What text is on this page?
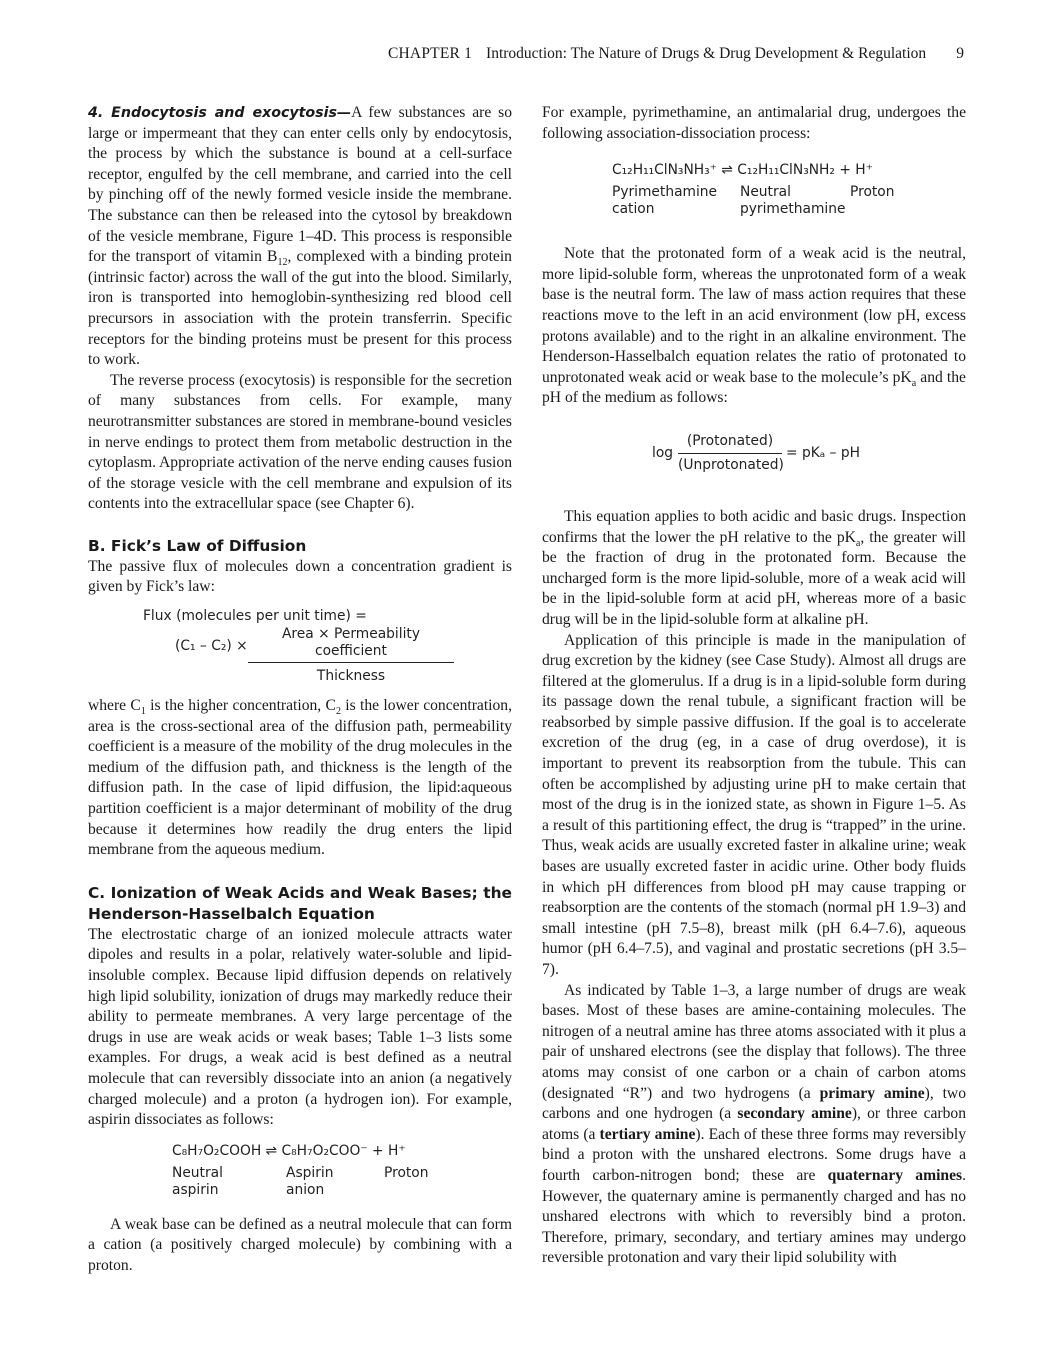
CHAPTER 1 Introduction: The Nature of Drugs & Drug Development & Regulation 9

4. Endocytosis and exocytosis—A few substances are so large or impermeant that they can enter cells only by endocytosis, the process by which the substance is bound at a cell-surface receptor, engulfed by the cell membrane, and carried into the cell by pinching off of the newly formed vesicle inside the membrane. The substance can then be released into the cytosol by breakdown of the vesicle membrane, Figure 1–4D. This process is responsible for the transport of vitamin $B_{12}$, complexed with a binding protein (intrinsic factor) across the wall of the gut into the blood. Similarly, iron is transported into hemoglobin-synthesizing red blood cell precursors in association with the protein transferrin. Specific receptors for the binding proteins must be present for this process to work.

The reverse process (exocytosis) is responsible for the secretion of many substances from cells. For example, many neurotransmitter substances are stored in membrane-bound vesicles in nerve endings to protect them from metabolic destruction in the cytoplasm. Appropriate activation of the nerve ending causes fusion of the storage vesicle with the cell membrane and expulsion of its contents into the extracellular space (see Chapter 6).

B. Fick’s Law of Diffusion

The passive flux of molecules down a concentration gradient is given by Fick’s law:

Flux (molecules per unit time) =
(C₁ – C₂) ×
Area × Permeability coefficient
Thickness

where $C_1$ is the higher concentration, $C_2$ is the lower concentration, area is the cross-sectional area of the diffusion path, permeability coefficient is a measure of the mobility of the drug molecules in the medium of the diffusion path, and thickness is the length of the diffusion path. In the case of lipid diffusion, the lipid:aqueous partition coefficient is a major determinant of mobility of the drug because it determines how readily the drug enters the lipid membrane from the aqueous medium.

C. Ionization of Weak Acids and Weak Bases; the Henderson-Hasselbalch Equation

The electrostatic charge of an ionized molecule attracts water dipoles and results in a polar, relatively water-soluble and lipid-insoluble complex. Because lipid diffusion depends on relatively high lipid solubility, ionization of drugs may markedly reduce their ability to permeate membranes. A very large percentage of the drugs in use are weak acids or weak bases; Table 1–3 lists some examples. For drugs, a weak acid is best defined as a neutral molecule that can reversibly dissociate into an anion (a negatively charged molecule) and a proton (a hydrogen ion). For example, aspirin dissociates as follows:

C₈H₇O₂COOH ⇌ C₈H₇O₂COO⁻ + H⁺
Neutral
aspirin
Aspirin
anion
Proton

A weak base can be defined as a neutral molecule that can form a cation (a positively charged molecule) by combining with a proton.

For example, pyrimethamine, an antimalarial drug, undergoes the following association-dissociation process:

C₁₂H₁₁ClN₃NH₃⁺ ⇌ C₁₂H₁₁ClN₃NH₂ + H⁺
Pyrimethamine
cation
Neutral
pyrimethamine
Proton

Note that the protonated form of a weak acid is the neutral, more lipid-soluble form, whereas the unprotonated form of a weak base is the neutral form. The law of mass action requires that these reactions move to the left in an acid environment (low pH, excess protons available) and to the right in an alkaline environment. The Henderson-Hasselbalch equation relates the ratio of protonated to unprotonated weak acid or weak base to the molecule’s $pK_a$ and the pH of the medium as follows:

log
(Protonated)
(Unprotonated)
= pKₐ – pH

This equation applies to both acidic and basic drugs. Inspection confirms that the lower the pH relative to the $pK_a$, the greater will be the fraction of drug in the protonated form. Because the uncharged form is the more lipid-soluble, more of a weak acid will be in the lipid-soluble form at acid pH, whereas more of a basic drug will be in the lipid-soluble form at alkaline pH.

Application of this principle is made in the manipulation of drug excretion by the kidney (see Case Study). Almost all drugs are filtered at the glomerulus. If a drug is in a lipid-soluble form during its passage down the renal tubule, a significant fraction will be reabsorbed by simple passive diffusion. If the goal is to accelerate excretion of the drug (eg, in a case of drug overdose), it is important to prevent its reabsorption from the tubule. This can often be accomplished by adjusting urine pH to make certain that most of the drug is in the ionized state, as shown in Figure 1–5. As a result of this partitioning effect, the drug is “trapped” in the urine. Thus, weak acids are usually excreted faster in alkaline urine; weak bases are usually excreted faster in acidic urine. Other body fluids in which pH differences from blood pH may cause trapping or reabsorption are the contents of the stomach (normal pH 1.9–3) and small intestine (pH 7.5–8), breast milk (pH 6.4–7.6), aqueous humor (pH 6.4–7.5), and vaginal and prostatic secretions (pH 3.5–7).

As indicated by Table 1–3, a large number of drugs are weak bases. Most of these bases are amine-containing molecules. The nitrogen of a neutral amine has three atoms associated with it plus a pair of unshared electrons (see the display that follows). The three atoms may consist of one carbon or a chain of carbon atoms (designated “R”) and two hydrogens (a primary amine), two carbons and one hydrogen (a secondary amine), or three carbon atoms (a tertiary amine). Each of these three forms may reversibly bind a proton with the unshared electrons. Some drugs have a fourth carbon-nitrogen bond; these are quaternary amines. However, the quaternary amine is permanently charged and has no unshared electrons with which to reversibly bind a proton. Therefore, primary, secondary, and tertiary amines may undergo reversible protonation and vary their lipid solubility with
